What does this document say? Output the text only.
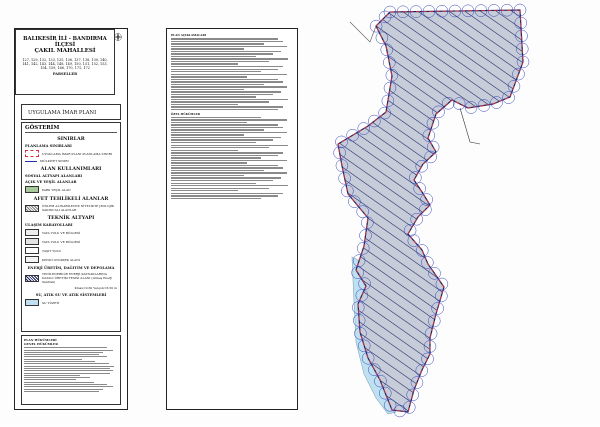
BALIKESİR İLİ - BANDIRMA İLÇESİ
ÇAKIL MAHALLESİ
127, 129, 132, 133, 135, 136, 137, 138, 139, 140, 141, 142, 143, 144, 148, 149, 150, 151, 152, 153, 154, 159, 166, 170, 171, 172
PARSELLER
UYGULAMA İMAR PLANI
GÖSTERİM
SINIRLAR
PLANLAMA SINIRLARI
UYGULAMA İMAR PLANI PLANLAMA SINIRI
MÜLKİYET SINIRI
ALAN KULLANIMLARI
SOSYAL ALTYAPI ALANLARI
AÇIK VE YEŞİL ALANLAR
PARK YEŞİL ALAN
AFET TEHLİKELİ ALANLAR
ÖNLEM ALINABİLECEK NİTELİKTE JEOLOJİK SAKINCALI ALANLAR
TEKNİK ALTYAPI
ULAŞIM KARAYOLLARI
YAYA YOLU VE BÖLGESİ
YAYA YOLU VE BÖLGESİ
TAŞIT YOLU
KENDİ OTOPARK ALANI
ENERJİ ÜRETİM, DAĞITIM VE DEPOLAMA
YENİLENEBİLİR ENERJİ KAYNAKLARINA DAYALI ÜRETİM TESİSİ ALANI (Güneş Enerji Santrali)
Kmax=0.60
Yençok=6.50 m
SU, ATIK SU VE ATIK SİSTEMLERİ
SU YÜZEYİ
PLAN HÜKÜMLERİ
GENEL HÜKÜMLER
PLAN AÇIKLAMALARI
ÖZEL HÜKÜMLER
